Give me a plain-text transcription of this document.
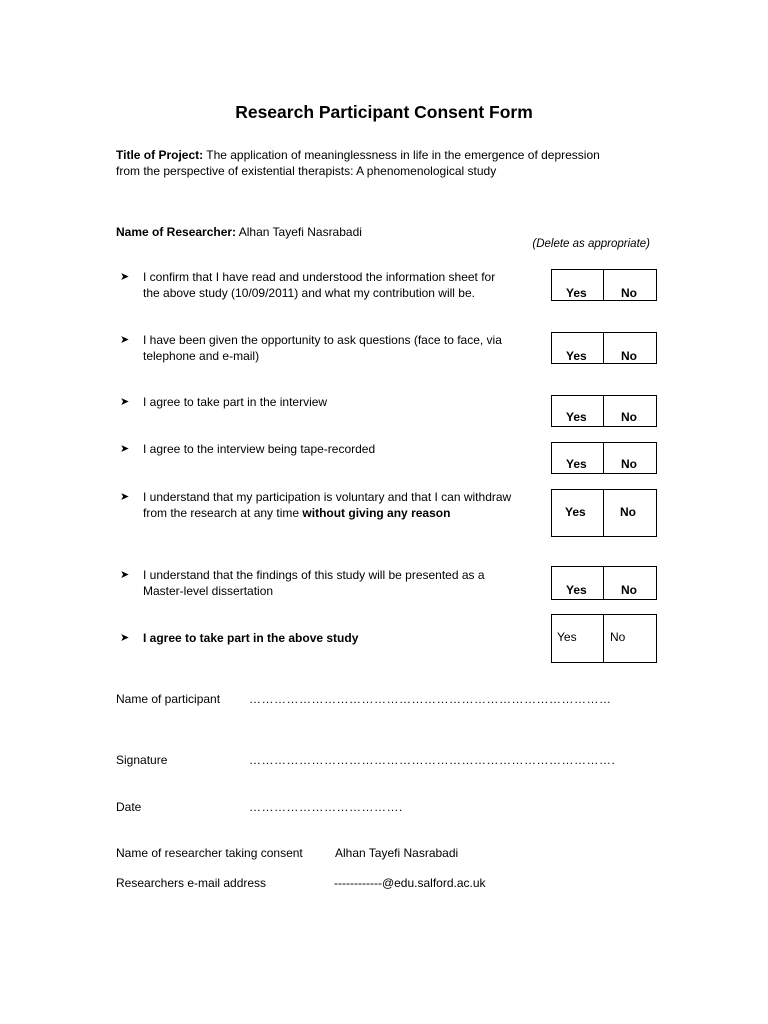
Research Participant Consent Form
Title of Project: The application of meaninglessness in life in the emergence of depression
from the perspective of existential therapists: A phenomenological study
Name of Researcher: Alhan Tayefi Nasrabadi
(Delete as appropriate)
➤ I confirm that I have read and understood the information sheet for
the above study (10/09/2011) and what my contribution will be.	Yes	No
➤ I have been given the opportunity to ask questions (face to face, via
telephone and e-mail)	Yes	No
➤ I agree to take part in the interview
Yes	No
➤ I agree to the interview being tape-recorded
Yes	No
➤ I understand that my participation is voluntary and that I can withdraw
from the research at any time without giving any reason	Yes	No
➤ I understand that the findings of this study will be presented as a
Master-level dissertation	Yes	No
➤ I agree to take part in the above study	Yes	No
Name of participant ……………………………………………………………………………
Signature	…………………………………………………………………………….
Date	……………………………….
Name of researcher taking consent	Alhan Tayefi Nasrabadi
Researchers e-mail address	------------@edu.salford.ac.uk
